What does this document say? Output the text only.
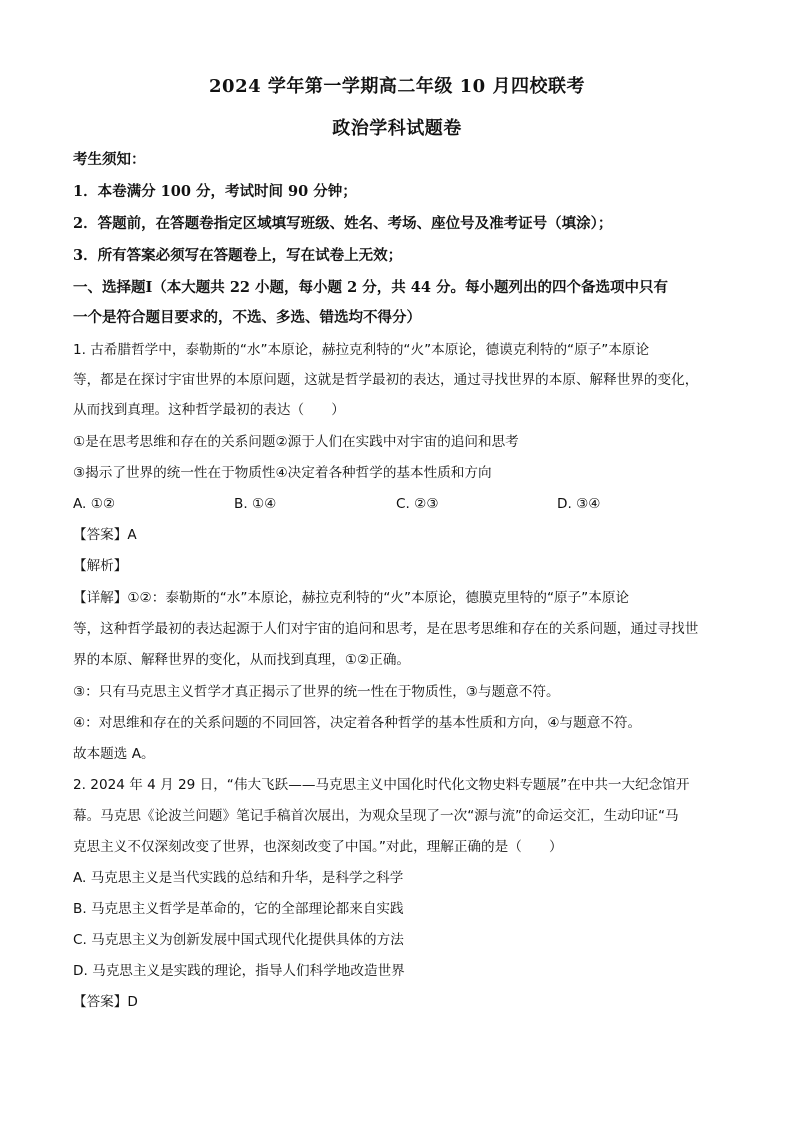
2024 学年第一学期高二年级 10 月四校联考
政治学科试题卷
考生须知：
1．本卷满分 100 分，考试时间 90 分钟；
2．答题前，在答题卷指定区域填写班级、姓名、考场、座位号及准考证号（填涂）；
3．所有答案必须写在答题卷上，写在试卷上无效；
一、选择题Ⅰ（本大题共 22 小题，每小题 2 分，共 44 分。每小题列出的四个备选项中只有
一个是符合题目要求的，不选、多选、错选均不得分）
1. 古希腊哲学中，泰勒斯的“水”本原论，赫拉克利特的“火”本原论，德谟克利特的“原子”本原论
等，都是在探讨宇宙世界的本原问题，这就是哲学最初的表达，通过寻找世界的本原、解释世界的变化，
从而找到真理。这种哲学最初的表达（　　）
①是在思考思维和存在的关系问题②源于人们在实践中对宇宙的追问和思考
③揭示了世界的统一性在于物质性④决定着各种哲学的基本性质和方向
A. ①②	B. ①④	C. ②③	D. ③④
【答案】A
【解析】
【详解】①②：泰勒斯的“水”本原论，赫拉克利特的“火”本原论，德膜克里特的“原子”本原论
等，这种哲学最初的表达起源于人们对宇宙的追问和思考，是在思考思维和存在的关系问题，通过寻找世
界的本原、解释世界的变化，从而找到真理，①②正确。
③：只有马克思主义哲学才真正揭示了世界的统一性在于物质性，③与题意不符。
④：对思维和存在的关系问题的不同回答，决定着各种哲学的基本性质和方向，④与题意不符。
故本题选 A。
2. 2024 年 4 月 29 日，“伟大飞跃——马克思主义中国化时代化文物史料专题展”在中共一大纪念馆开
幕。马克思《论波兰问题》笔记手稿首次展出，为观众呈现了一次“源与流”的命运交汇，生动印证“马
克思主义不仅深刻改变了世界，也深刻改变了中国。”对此，理解正确的是（　　）
A. 马克思主义是当代实践的总结和升华，是科学之科学
B. 马克思主义哲学是革命的，它的全部理论都来自实践
C. 马克思主义为创新发展中国式现代化提供具体的方法
D. 马克思主义是实践的理论，指导人们科学地改造世界
【答案】D
